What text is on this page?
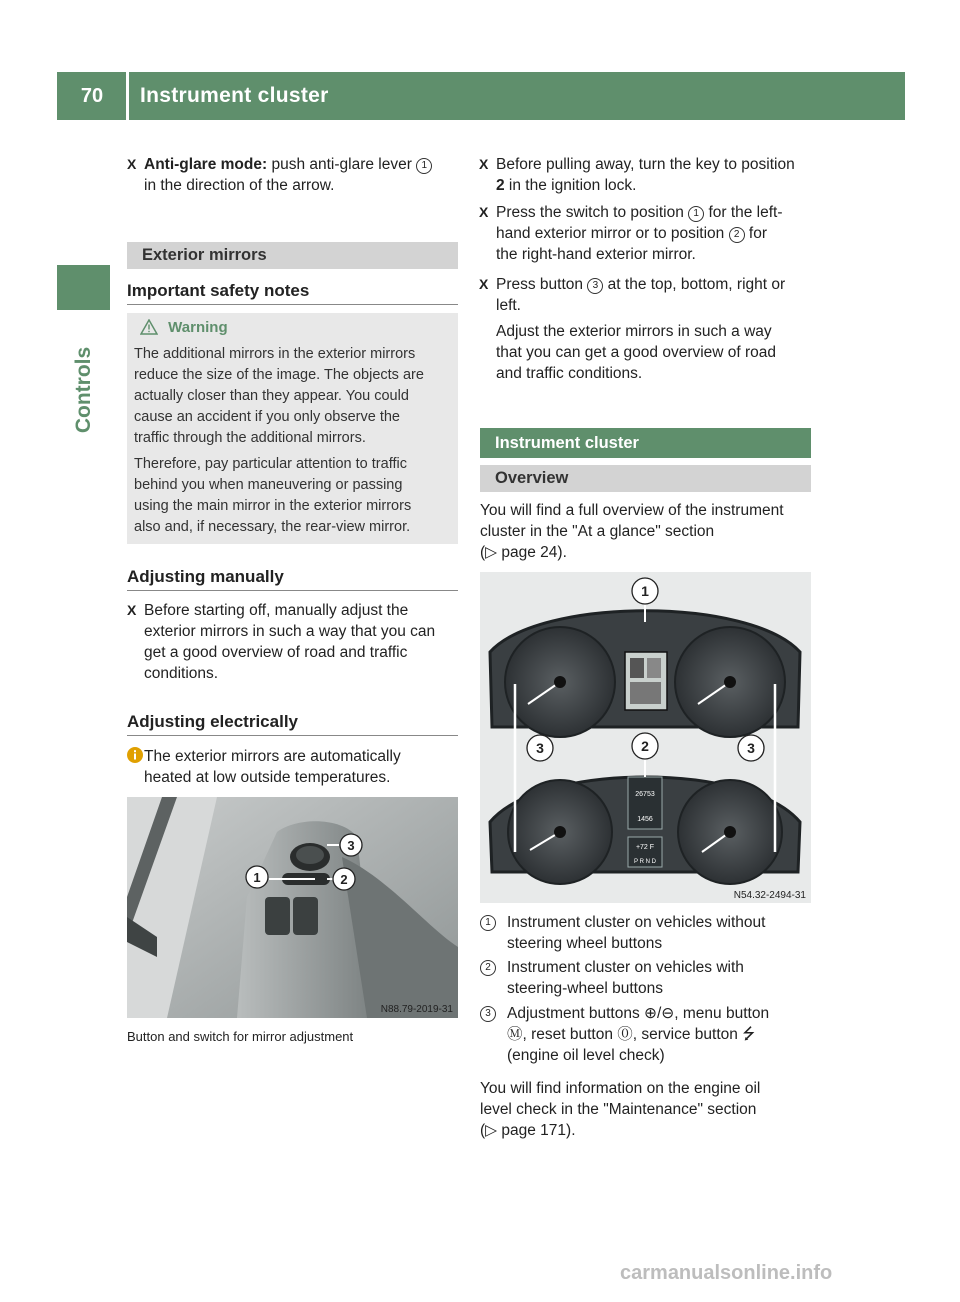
70	Instrument cluster
Controls
X Anti-glare mode: push anti-glare lever 1
in the direction of the arrow.
Exterior mirrors
Important safety notes
Warning
The additional mirrors in the exterior mirrors
reduce the size of the image. The objects are
actually closer than they appear. You could
cause an accident if you only observe the
traffic through the additional mirrors.
Therefore, pay particular attention to traffic
behind you when maneuvering or passing
using the main mirror in the exterior mirrors
also and, if necessary, the rear-view mirror.
Adjusting manually
X Before starting off, manually adjust the
exterior mirrors in such a way that you can
get a good overview of road and traffic
conditions.
Adjusting electrically
The exterior mirrors are automatically
heated at low outside temperatures.
1	2
3
N88.79-2019-31
Button and switch for mirror adjustment
X Before pulling away, turn the key to position
2 in the ignition lock.
X Press the switch to position 1 for the left-
hand exterior mirror or to position 2 for
the right-hand exterior mirror.
X Press button 3 at the top, bottom, right or
left.
Adjust the exterior mirrors in such a way
that you can get a good overview of road
and traffic conditions.
Instrument cluster
Overview
You will find a full overview of the instrument
cluster in the "At a glance" section
(▷ page 24).
26753
1456
+72 F
P R N D
1
3	2	3
N54.32-2494-31
1	Instrument cluster on vehicles without
steering wheel buttons
2	Instrument cluster on vehicles with
steering-wheel buttons
3	Adjustment buttons ⊕/⊖, menu button
Ⓜ, reset button ⓪, service button ⭍
(engine oil level check)
You will find information on the engine oil
level check in the "Maintenance" section
(▷ page 171).
carmanualsonline.info
